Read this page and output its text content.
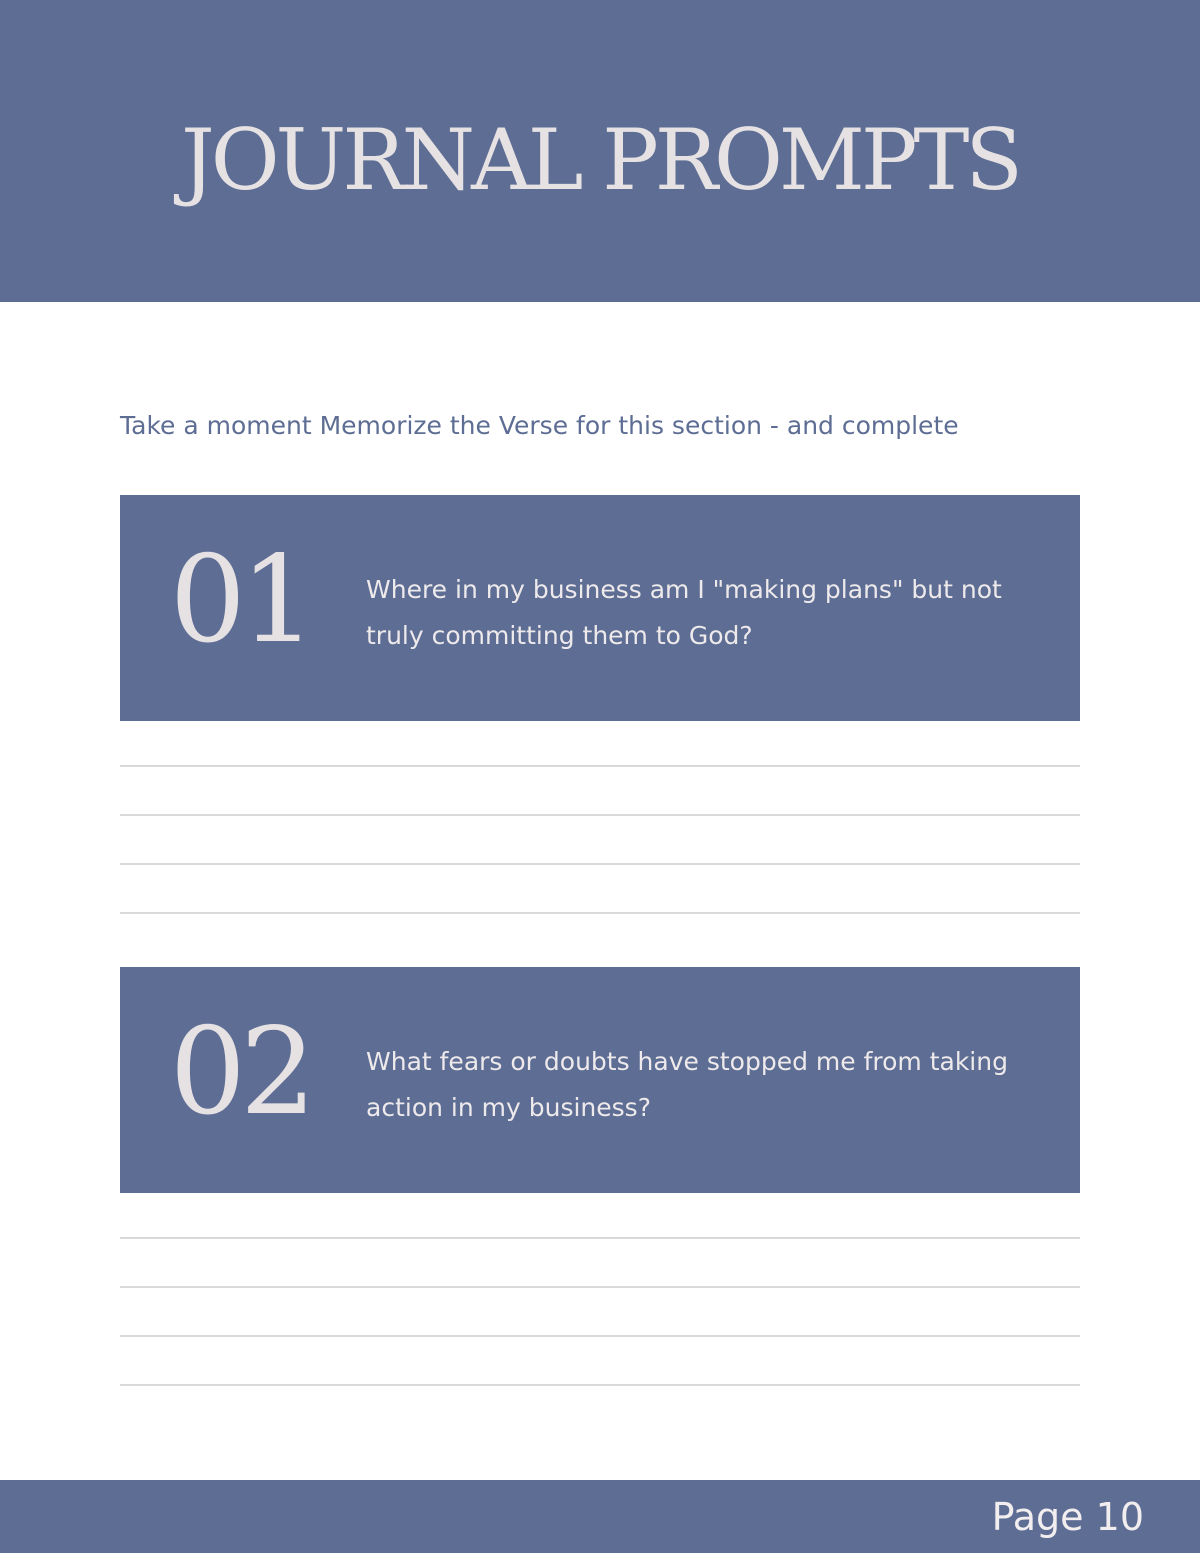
JOURNAL PROMPTS

Take a moment Memorize the Verse for this section - and complete

01	Where in my business am I "making plans" but not truly committing them to God?
02	What fears or doubts have stopped me from taking action in my business?
Page 10
